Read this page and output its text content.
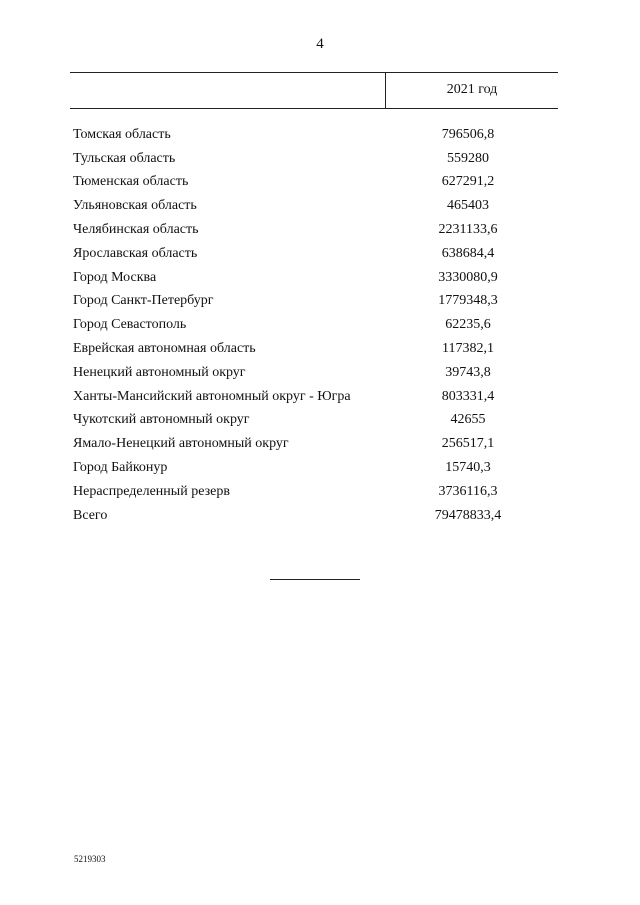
4
2021 год
Томская область	796506,8
Тульская область	559280
Тюменская область	627291,2
Ульяновская область	465403
Челябинская область	2231133,6
Ярославская область	638684,4
Город Москва	3330080,9
Город Санкт-Петербург	1779348,3
Город Севастополь	62235,6
Еврейская автономная область	117382,1
Ненецкий автономный округ	39743,8
Ханты-Мансийский автономный округ - Югра	803331,4
Чукотский автономный округ	42655
Ямало-Ненецкий автономный округ	256517,1
Город Байконур	15740,3
Нераспределенный резерв	3736116,3
Всего	79478833,4
5219303
